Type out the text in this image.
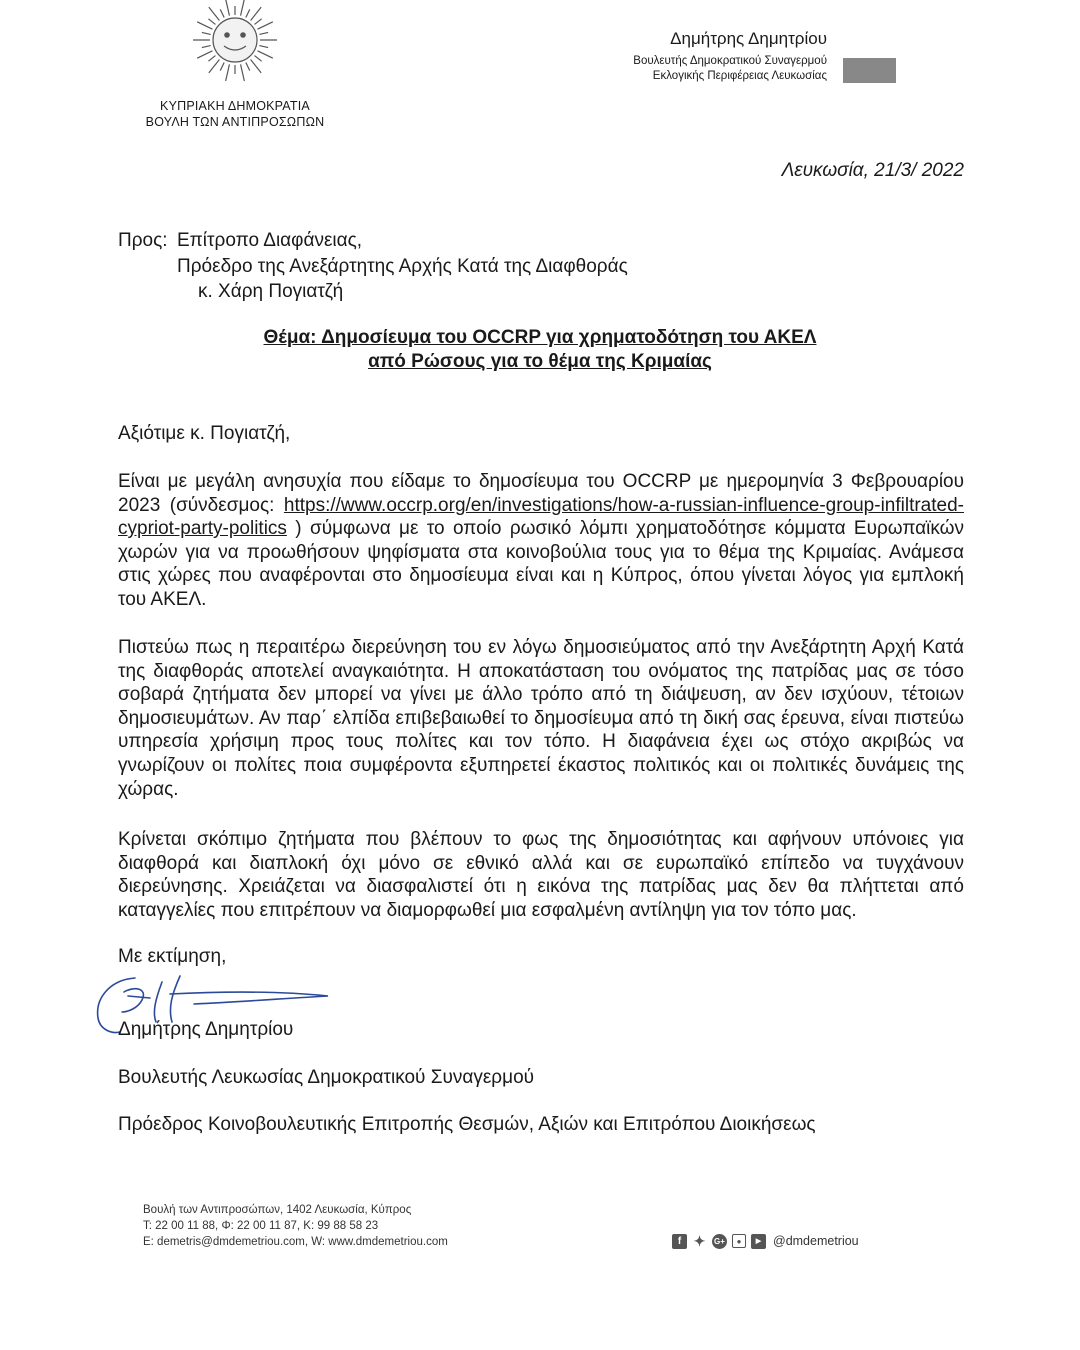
ΚΥΠΡΙΑΚΗ ΔΗΜΟΚΡΑΤΙΑ
ΒΟΥΛΗ ΤΩΝ ΑΝΤΙΠΡΟΣΩΠΩΝ
Δημήτρης Δημητρίου
Βουλευτής Δημοκρατικού Συναγερμού
Εκλογικής Περιφέρειας Λευκωσίας
Λευκωσία, 21/3/ 2022
Προς: Επίτροπο Διαφάνειας,
Πρόεδρο της Ανεξάρτητης Αρχής Κατά της Διαφθοράς
κ. Χάρη Πογιατζή
Θέμα: Δημοσίευμα του OCCRP για χρηματοδότηση του ΑΚΕΛ
από Ρώσους για το θέμα της Κριμαίας
Αξιότιμε κ. Πογιατζή,
Είναι με μεγάλη ανησυχία που είδαμε το δημοσίευμα του OCCRP με ημερομηνία 3 Φεβρουαρίου 2023 (σύνδεσμος: https://www.occrp.org/en/investigations/how-a-russian-influence-group-infiltrated-cypriot-party-politics ) σύμφωνα με το οποίο ρωσικό λόμπι χρηματοδότησε κόμματα Ευρωπαϊκών χωρών για να προωθήσουν ψηφίσματα στα κοινοβούλια τους για το θέμα της Κριμαίας. Ανάμεσα στις χώρες που αναφέρονται στο δημοσίευμα είναι και η Κύπρος, όπου γίνεται λόγος για εμπλοκή του ΑΚΕΛ.
Πιστεύω πως η περαιτέρω διερεύνηση του εν λόγω δημοσιεύματος από την Ανεξάρτητη Αρχή Κατά της διαφθοράς αποτελεί αναγκαιότητα. Η αποκατάσταση του ονόματος της πατρίδας μας σε τόσο σοβαρά ζητήματα δεν μπορεί να γίνει με άλλο τρόπο από τη διάψευση, αν δεν ισχύουν, τέτοιων δημοσιευμάτων. Αν παρ΄ ελπίδα επιβεβαιωθεί το δημοσίευμα από τη δική σας έρευνα, είναι πιστεύω υπηρεσία χρήσιμη προς τους πολίτες και τον τόπο. Η διαφάνεια έχει ως στόχο ακριβώς να γνωρίζουν οι πολίτες ποια συμφέροντα εξυπηρετεί έκαστος πολιτικός και οι πολιτικές δυνάμεις της χώρας.
Κρίνεται σκόπιμο ζητήματα που βλέπουν το φως της δημοσιότητας και αφήνουν υπόνοιες για διαφθορά και διαπλοκή όχι μόνο σε εθνικό αλλά και σε ευρωπαϊκό επίπεδο να τυγχάνουν διερεύνησης. Χρειάζεται να διασφαλιστεί ότι η εικόνα της πατρίδας μας δεν θα πλήττεται από καταγγελίες που επιτρέπουν να διαμορφωθεί μια εσφαλμένη αντίληψη για τον τόπο μας.
Με εκτίμηση,
Δημήτρης Δημητρίου
Βουλευτής Λευκωσίας Δημοκρατικού Συναγερμού
Πρόεδρος Κοινοβουλευτικής Επιτροπής Θεσμών, Αξιών και Επιτρόπου Διοικήσεως
Βουλή των Αντιπροσώπων, 1402 Λευκωσία, Κύπρος
Τ: 22 00 11 88, Φ: 22 00 11 87, Κ: 99 88 58 23
E: demetris@dmdemetriou.com, W: www.dmdemetriou.com	f ✦ G+	●	▶ @dmdemetriou
